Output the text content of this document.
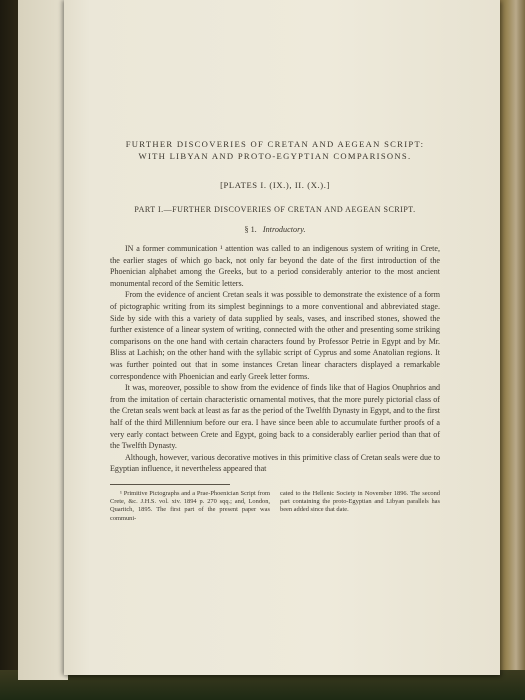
FURTHER DISCOVERIES OF CRETAN AND AEGEAN SCRIPT:
WITH LIBYAN AND PROTO-EGYPTIAN COMPARISONS.
[PLATES I. (IX.), II. (X.).]
PART I.—FURTHER DISCOVERIES OF CRETAN AND AEGEAN SCRIPT.
§ 1. Introductory.

IN a former communication ¹ attention was called to an indigenous system of writing in Crete, the earlier stages of which go back, not only far beyond the date of the first introduction of the Phoenician alphabet among the Greeks, but to a period considerably anterior to the most ancient monumental record of the Semitic letters.

From the evidence of ancient Cretan seals it was possible to demonstrate the existence of a form of pictographic writing from its simplest beginnings to a more conventional and abbreviated stage. Side by side with this a variety of data supplied by seals, vases, and inscribed stones, showed the further existence of a linear system of writing, connected with the other and presenting some striking comparisons on the one hand with certain characters found by Professor Petrie in Egypt and by Mr. Bliss at Lachish; on the other hand with the syllabic script of Cyprus and some Anatolian regions. It was further pointed out that in some instances Cretan linear characters displayed a remarkable correspondence with Phoenician and early Greek letter forms.

It was, moreover, possible to show from the evidence of finds like that of Hagios Onuphrios and from the imitation of certain characteristic ornamental motives, that the more purely pictorial class of the Cretan seals went back at least as far as the period of the Twelfth Dynasty in Egypt, and to the first half of the third Millennium before our era. I have since been able to accumulate further proofs of a very early contact between Crete and Egypt, going back to a considerably earlier period than that of the Twelfth Dynasty.

Although, however, various decorative motives in this primitive class of Cretan seals were due to Egyptian influence, it nevertheless appeared that

¹ Primitive Pictographs and a Prae-Phoenician Script from Crete, &c. J.H.S. vol. xiv. 1894 p. 270 sqq.; and, London, Quaritch, 1895. The first part of the present paper was communi-
cated to the Hellenic Society in November 1896. The second part containing the proto-Egyptian and Libyan parallels has been added since that date.
